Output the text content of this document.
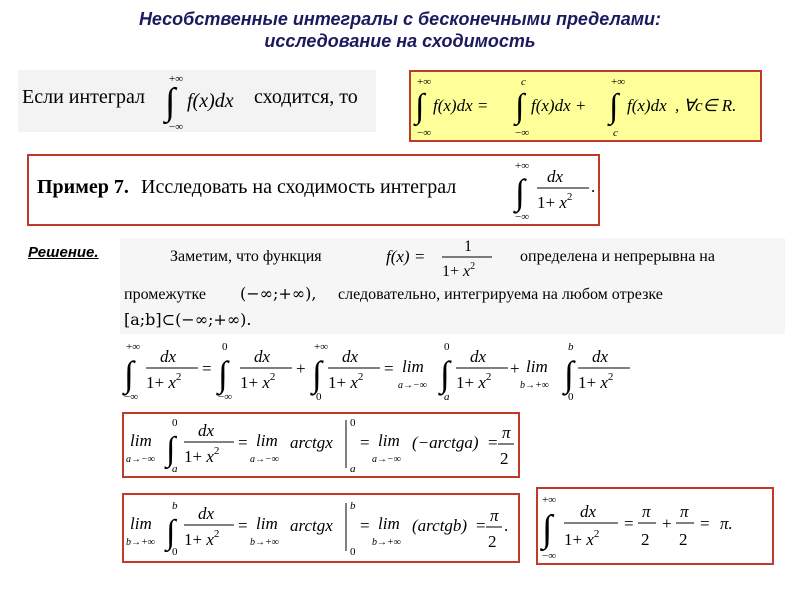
Несобственные интегралы с бесконечными пределами:
исследование на сходимость
Если интеграл
+∞
∫
−∞
f(x)dx сходится, то
+∞
∫
−∞
f(x)dx =
c
∫
−∞
f(x)dx +
+∞
∫
c
f(x)dx , ∀c∈ R.
Пример 7. Исследовать на сходимость интеграл
+∞
∫
−∞
dx
$1+ x^2$
.
Решение.	Заметим, что функция	f(x) =
1
$1+ x^2$
определена и непрерывна на
промежутке (−∞;+∞), следовательно, интегрируема на любом отрезке
[a;b]⊂(−∞;+∞).
+∞
∫
−∞
dx
$1+ x^2$ =
0
∫
−∞
dx
$1+ x^2$ +
+∞
∫
0
dx
$1+ x^2 = \lim$
a→−∞
0
∫
a
dx
$1+ x^2 + \lim$
b→+∞
b
∫
0
dx
$1+ x^2$
lim
a→−∞
0
∫
a
dx
$1+ x^2 = \lim$
a→−∞
arctgx
0
a
= lim
a→−∞
(−arctga) =
π
2
lim
b→+∞
b
∫
0
dx
$1+ x^2 = \lim$
b→+∞
arctgx
b
0
= lim
b→+∞
(arctgb) =
π
2
.
+∞
∫
−∞
dx
$1+ x^2$
=
π
2
+
π
2
= π.
